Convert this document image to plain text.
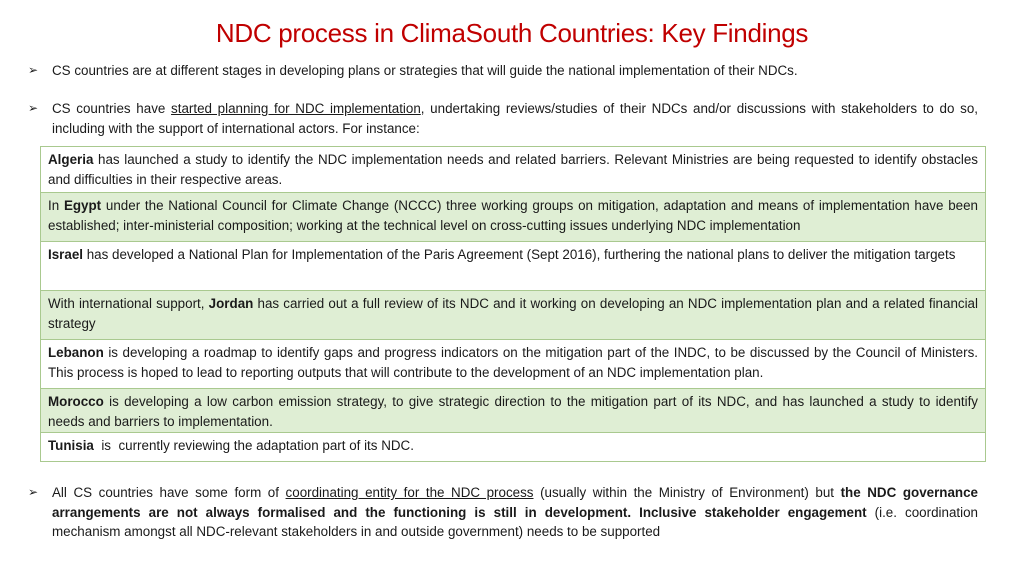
NDC process in ClimaSouth Countries: Key Findings
➢	CS countries are at different stages in developing plans or strategies that will guide the national implementation of their NDCs.
➢	CS countries have started planning for NDC implementation, undertaking reviews/studies of their NDCs and/or discussions with stakeholders to do so, including with the support of international actors. For instance:
Algeria has launched a study to identify the NDC implementation needs and related barriers. Relevant Ministries are being requested to identify obstacles and difficulties in their respective areas.
In Egypt under the National Council for Climate Change (NCCC) three working groups on mitigation, adaptation and means of implementation have been established; inter-ministerial composition; working at the technical level on cross-cutting issues underlying NDC implementation
Israel has developed a National Plan for Implementation of the Paris Agreement (Sept 2016), furthering the national plans to deliver the mitigation targets
With international support, Jordan has carried out a full review of its NDC and it working on developing an NDC implementation plan and a related financial strategy
Lebanon is developing a roadmap to identify gaps and progress indicators on the mitigation part of the INDC, to be discussed by the Council of Ministers. This process is hoped to lead to reporting outputs that will contribute to the development of an NDC implementation plan.
Morocco is developing a low carbon emission strategy, to give strategic direction to the mitigation part of its NDC, and has launched a study to identify needs and barriers to implementation.
Tunisia  is  currently reviewing the adaptation part of its NDC.
➢	All CS countries have some form of coordinating entity for the NDC process (usually within the Ministry of Environment) but the NDC governance arrangements are not always formalised and the functioning is still in development. Inclusive stakeholder engagement (i.e. coordination mechanism amongst all NDC-relevant stakeholders in and outside government) needs to be supported
